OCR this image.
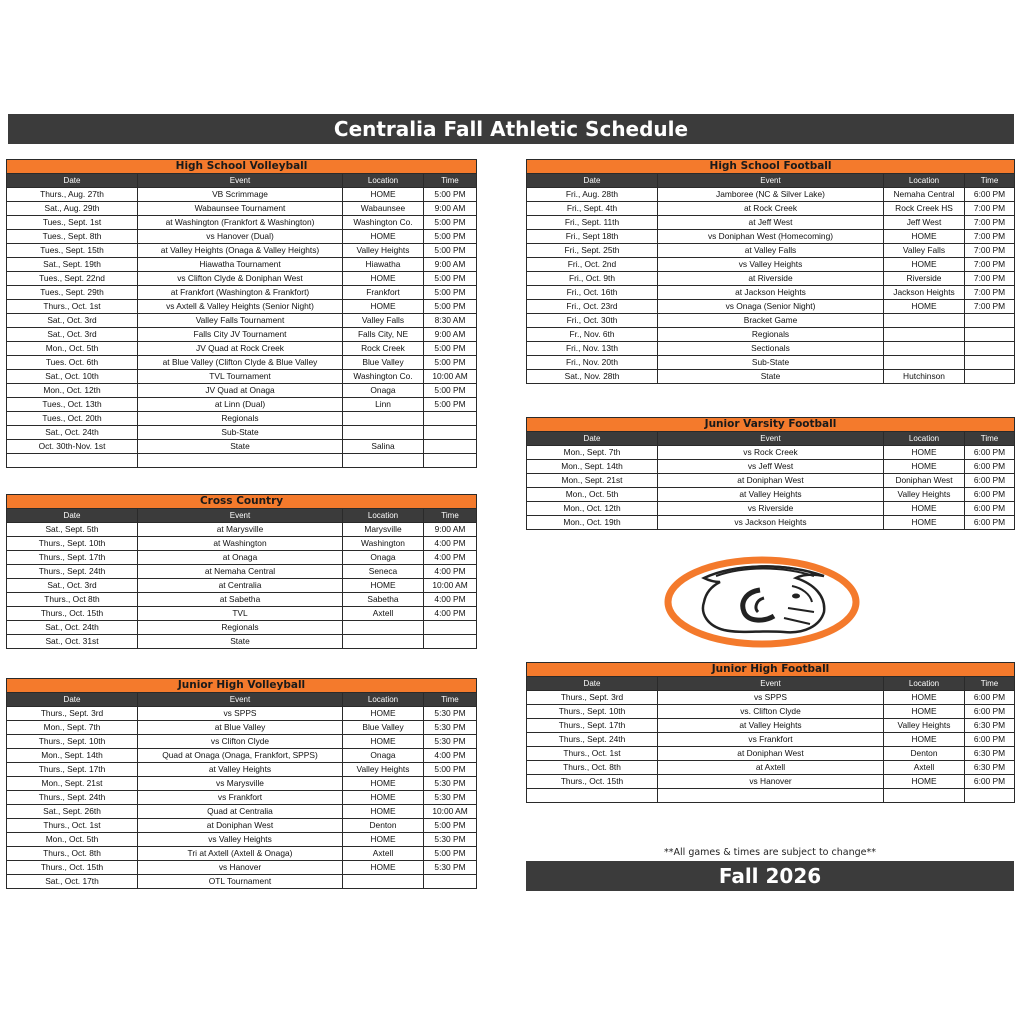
Centralia Fall Athletic Schedule
High School Volleyball			
Date	Event	Location	Time
Thurs., Aug. 27th	VB Scrimmage	HOME	5:00 PM
Sat., Aug. 29th	Wabaunsee Tournament	Wabaunsee	9:00 AM
Tues., Sept. 1st	at Washington (Frankfort & Washington)	Washington Co.	5:00 PM
Tues., Sept. 8th	vs Hanover (Dual)	HOME	5:00 PM
Tues., Sept. 15th	at Valley Heights (Onaga & Valley Heights)	Valley Heights	5:00 PM
Sat., Sept. 19th	Hiawatha Tournament	Hiawatha	9:00 AM
Tues., Sept. 22nd	vs Clifton Clyde & Doniphan West	HOME	5:00 PM
Tues., Sept. 29th	at Frankfort (Washington & Frankfort)	Frankfort	5:00 PM
Thurs., Oct. 1st	vs Axtell & Valley Heights (Senior Night)	HOME	5:00 PM
Sat., Oct. 3rd	Valley Falls Tournament	Valley Falls	8:30 AM
Sat., Oct. 3rd	Falls City JV Tournament	Falls City, NE	9:00 AM
Mon., Oct. 5th	JV Quad at Rock Creek	Rock Creek	5:00 PM
Tues. Oct. 6th	at Blue Valley (Clifton Clyde & Blue Valley	Blue Valley	5:00 PM
Sat., Oct. 10th	TVL Tournament	Washington Co.	10:00 AM
Mon., Oct. 12th	JV Quad at Onaga	Onaga	5:00 PM
Tues., Oct. 13th	at Linn (Dual)	Linn	5:00 PM
Tues., Oct. 20th	Regionals		
Sat., Oct. 24th	Sub-State		
Oct. 30th-Nov. 1st	State	Salina	

Cross Country			
Date	Event	Location	Time
Sat., Sept. 5th	at Marysville	Marysville	9:00 AM
Thurs., Sept. 10th	at Washington	Washington	4:00 PM
Thurs., Sept. 17th	at Onaga	Onaga	4:00 PM
Thurs., Sept. 24th	at Nemaha Central	Seneca	4:00 PM
Sat., Oct. 3rd	at Centralia	HOME	10:00 AM
Thurs., Oct 8th	at Sabetha	Sabetha	4:00 PM
Thurs., Oct. 15th	TVL	Axtell	4:00 PM
Sat., Oct. 24th	Regionals		
Sat., Oct. 31st	State		
Junior High Volleyball			
Date	Event	Location	Time
Thurs., Sept. 3rd	vs SPPS	HOME	5:30 PM
Mon., Sept. 7th	at Blue Valley	Blue Valley	5:30 PM
Thurs., Sept. 10th	vs Clifton Clyde	HOME	5:30 PM
Mon., Sept. 14th	Quad at Onaga (Onaga, Frankfort, SPPS)	Onaga	4:00 PM
Thurs., Sept. 17th	at Valley Heights	Valley Heights	5:00 PM
Mon., Sept. 21st	vs Marysville	HOME	5:30 PM
Thurs., Sept. 24th	vs Frankfort	HOME	5:30 PM
Sat., Sept. 26th	Quad at Centralia	HOME	10:00 AM
Thurs., Oct. 1st	at Doniphan West	Denton	5:00 PM
Mon., Oct. 5th	vs Valley Heights	HOME	5:30 PM
Thurs., Oct. 8th	Tri at Axtell (Axtell & Onaga)	Axtell	5:00 PM
Thurs., Oct. 15th	vs Hanover	HOME	5:30 PM
Sat., Oct. 17th	OTL Tournament		
High School Football			
Date	Event	Location	Time
Fri., Aug. 28th	Jamboree (NC & Silver Lake)	Nemaha Central	6:00 PM
Fri., Sept. 4th	at Rock Creek	Rock Creek HS	7:00 PM
Fri., Sept. 11th	at Jeff West	Jeff West	7:00 PM
Fri., Sept 18th	vs Doniphan West (Homecoming)	HOME	7:00 PM
Fri., Sept. 25th	at Valley Falls	Valley Falls	7:00 PM
Fri., Oct. 2nd	vs Valley Heights	HOME	7:00 PM
Fri., Oct. 9th	at Riverside	Riverside	7:00 PM
Fri., Oct. 16th	at Jackson Heights	Jackson Heights	7:00 PM
Fri., Oct. 23rd	vs Onaga (Senior Night)	HOME	7:00 PM
Fri., Oct. 30th	Bracket Game		
Fr., Nov. 6th	Regionals		
Fri., Nov. 13th	Sectionals		
Fri., Nov. 20th	Sub-State		
Sat., Nov. 28th	State	Hutchinson	
Junior Varsity Football			
Date	Event	Location	Time
Mon., Sept. 7th	vs Rock Creek	HOME	6:00 PM
Mon., Sept. 14th	vs Jeff West	HOME	6:00 PM
Mon., Sept. 21st	at Doniphan West	Doniphan West	6:00 PM
Mon., Oct. 5th	at Valley Heights	Valley Heights	6:00 PM
Mon., Oct. 12th	vs Riverside	HOME	6:00 PM
Mon., Oct. 19th	vs Jackson Heights	HOME	6:00 PM
Junior High Football			
Date	Event	Location	Time
Thurs., Sept. 3rd	vs SPPS	HOME	6:00 PM
Thurs., Sept. 10th	vs. Clifton Clyde	HOME	6:00 PM
Thurs., Sept. 17th	at Valley Heights	Valley Heights	6:30 PM
Thurs., Sept. 24th	vs Frankfort	HOME	6:00 PM
Thurs., Oct. 1st	at Doniphan West	Denton	6:30 PM
Thurs., Oct. 8th	at Axtell	Axtell	6:30 PM
Thurs., Oct. 15th	vs Hanover	HOME	6:00 PM

**All games & times are subject to change**
Fall 2026
